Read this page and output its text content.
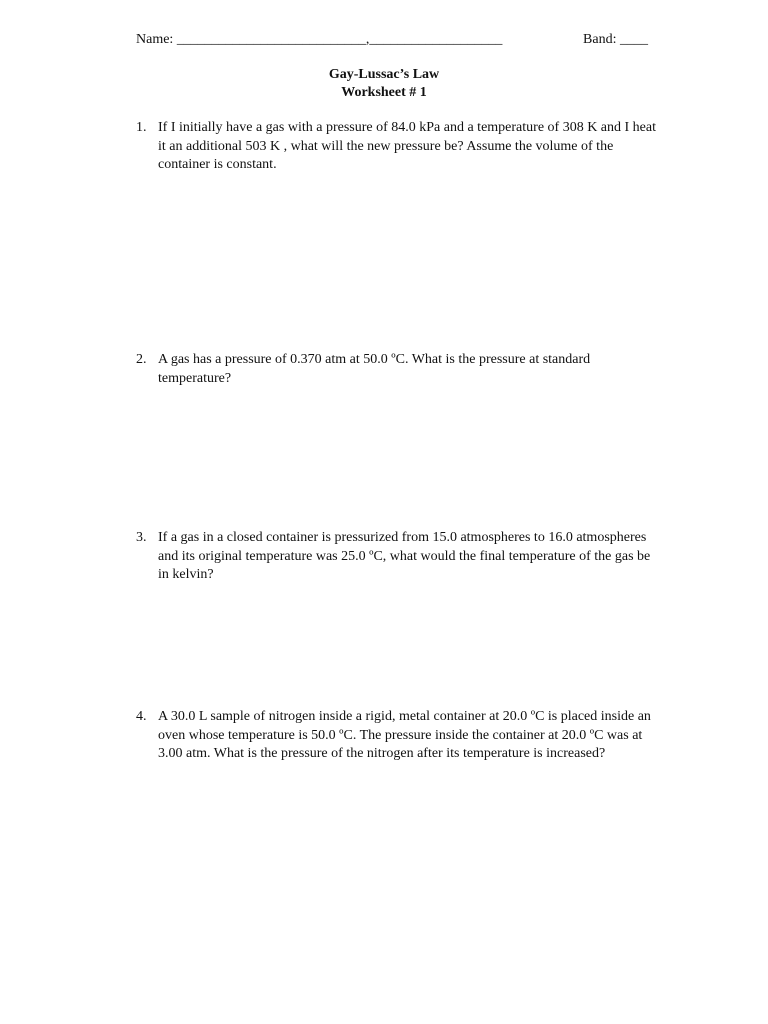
Name: ___________________________,___________________	Band: ____
Gay-Lussac’s Law
Worksheet # 1
1. If I initially have a gas with a pressure of 84.0 kPa and a temperature of 308 K and I heat it an additional 503 K , what will the new pressure be? Assume the volume of the container is constant.
2. A gas has a pressure of 0.370 atm at 50.0 ºC. What is the pressure at standard temperature?
3. If a gas in a closed container is pressurized from 15.0 atmospheres to 16.0 atmospheres and its original temperature was 25.0 ºC, what would the final temperature of the gas be in kelvin?
4. A 30.0 L sample of nitrogen inside a rigid, metal container at 20.0 ºC is placed inside an oven whose temperature is 50.0 ºC. The pressure inside the container at 20.0 ºC was at 3.00 atm. What is the pressure of the nitrogen after its temperature is increased?
